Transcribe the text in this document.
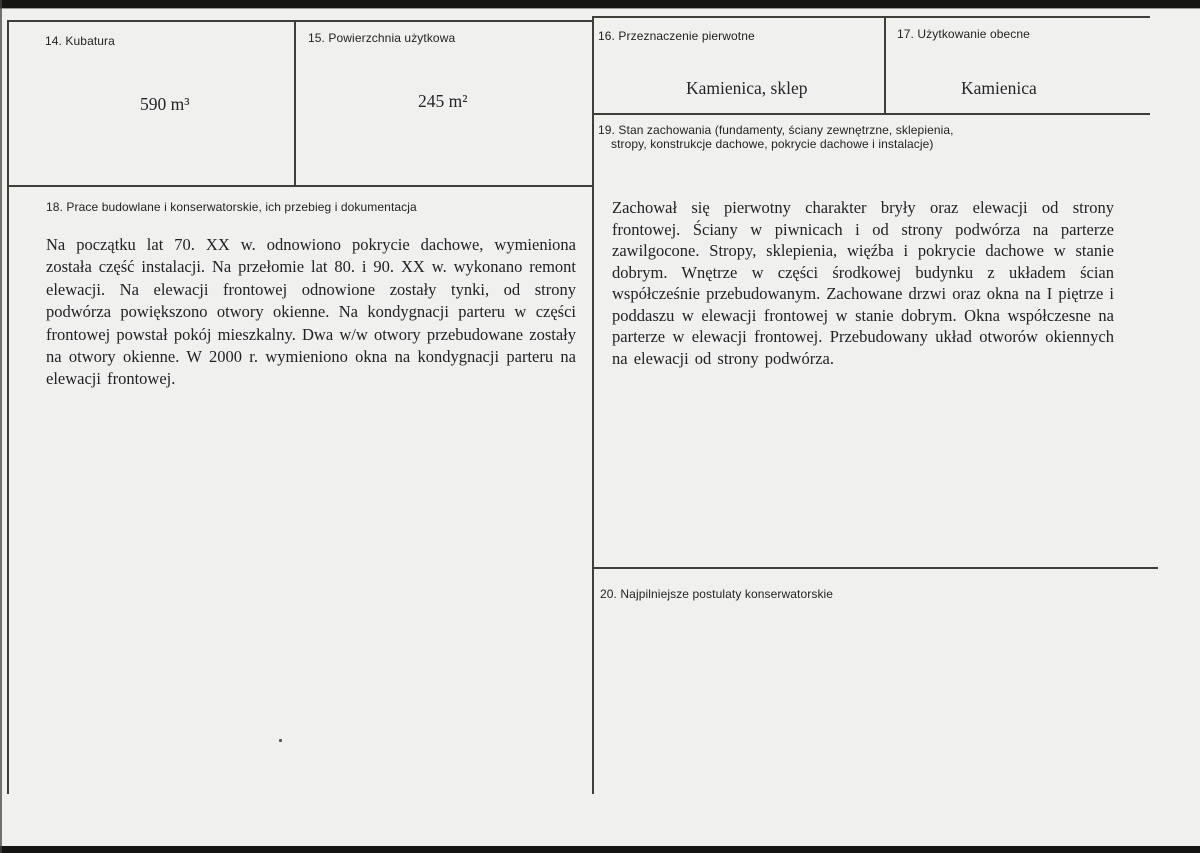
14. Kubatura
590 m³
15. Powierzchnia użytkowa
245 m²
16. Przeznaczenie pierwotne
Kamienica, sklep
17. Użytkowanie obecne
Kamienica
19. Stan zachowania (fundamenty, ściany zewnętrzne, sklepienia,
stropy, konstrukcje dachowe, pokrycie dachowe i instalacje)
Zachował się pierwotny charakter bryły oraz elewacji od strony frontowej. Ściany w piwnicach i od strony podwórza na parterze zawilgocone. Stropy, sklepienia, więźba i pokrycie dachowe w stanie dobrym. Wnętrze w części środkowej budynku z układem ścian współcześnie przebudowanym. Zachowane drzwi oraz okna na I piętrze i poddaszu w elewacji frontowej w stanie dobrym. Okna współczesne na parterze w elewacji frontowej. Przebudowany układ otworów okiennych na elewacji od strony podwórza.
18. Prace budowlane i konserwatorskie, ich przebieg i dokumentacja
Na początku lat 70. XX w. odnowiono pokrycie dachowe, wymieniona została część instalacji. Na przełomie lat 80. i 90. XX w. wykonano remont elewacji. Na elewacji frontowej odnowione zostały tynki, od strony podwórza powiększono otwory okienne. Na kondygnacji parteru w części frontowej powstał pokój mieszkalny. Dwa w/w otwory przebudowane zostały na otwory okienne. W 2000 r. wymieniono okna na kondygnacji parteru na elewacji frontowej.
20. Najpilniejsze postulaty konserwatorskie
